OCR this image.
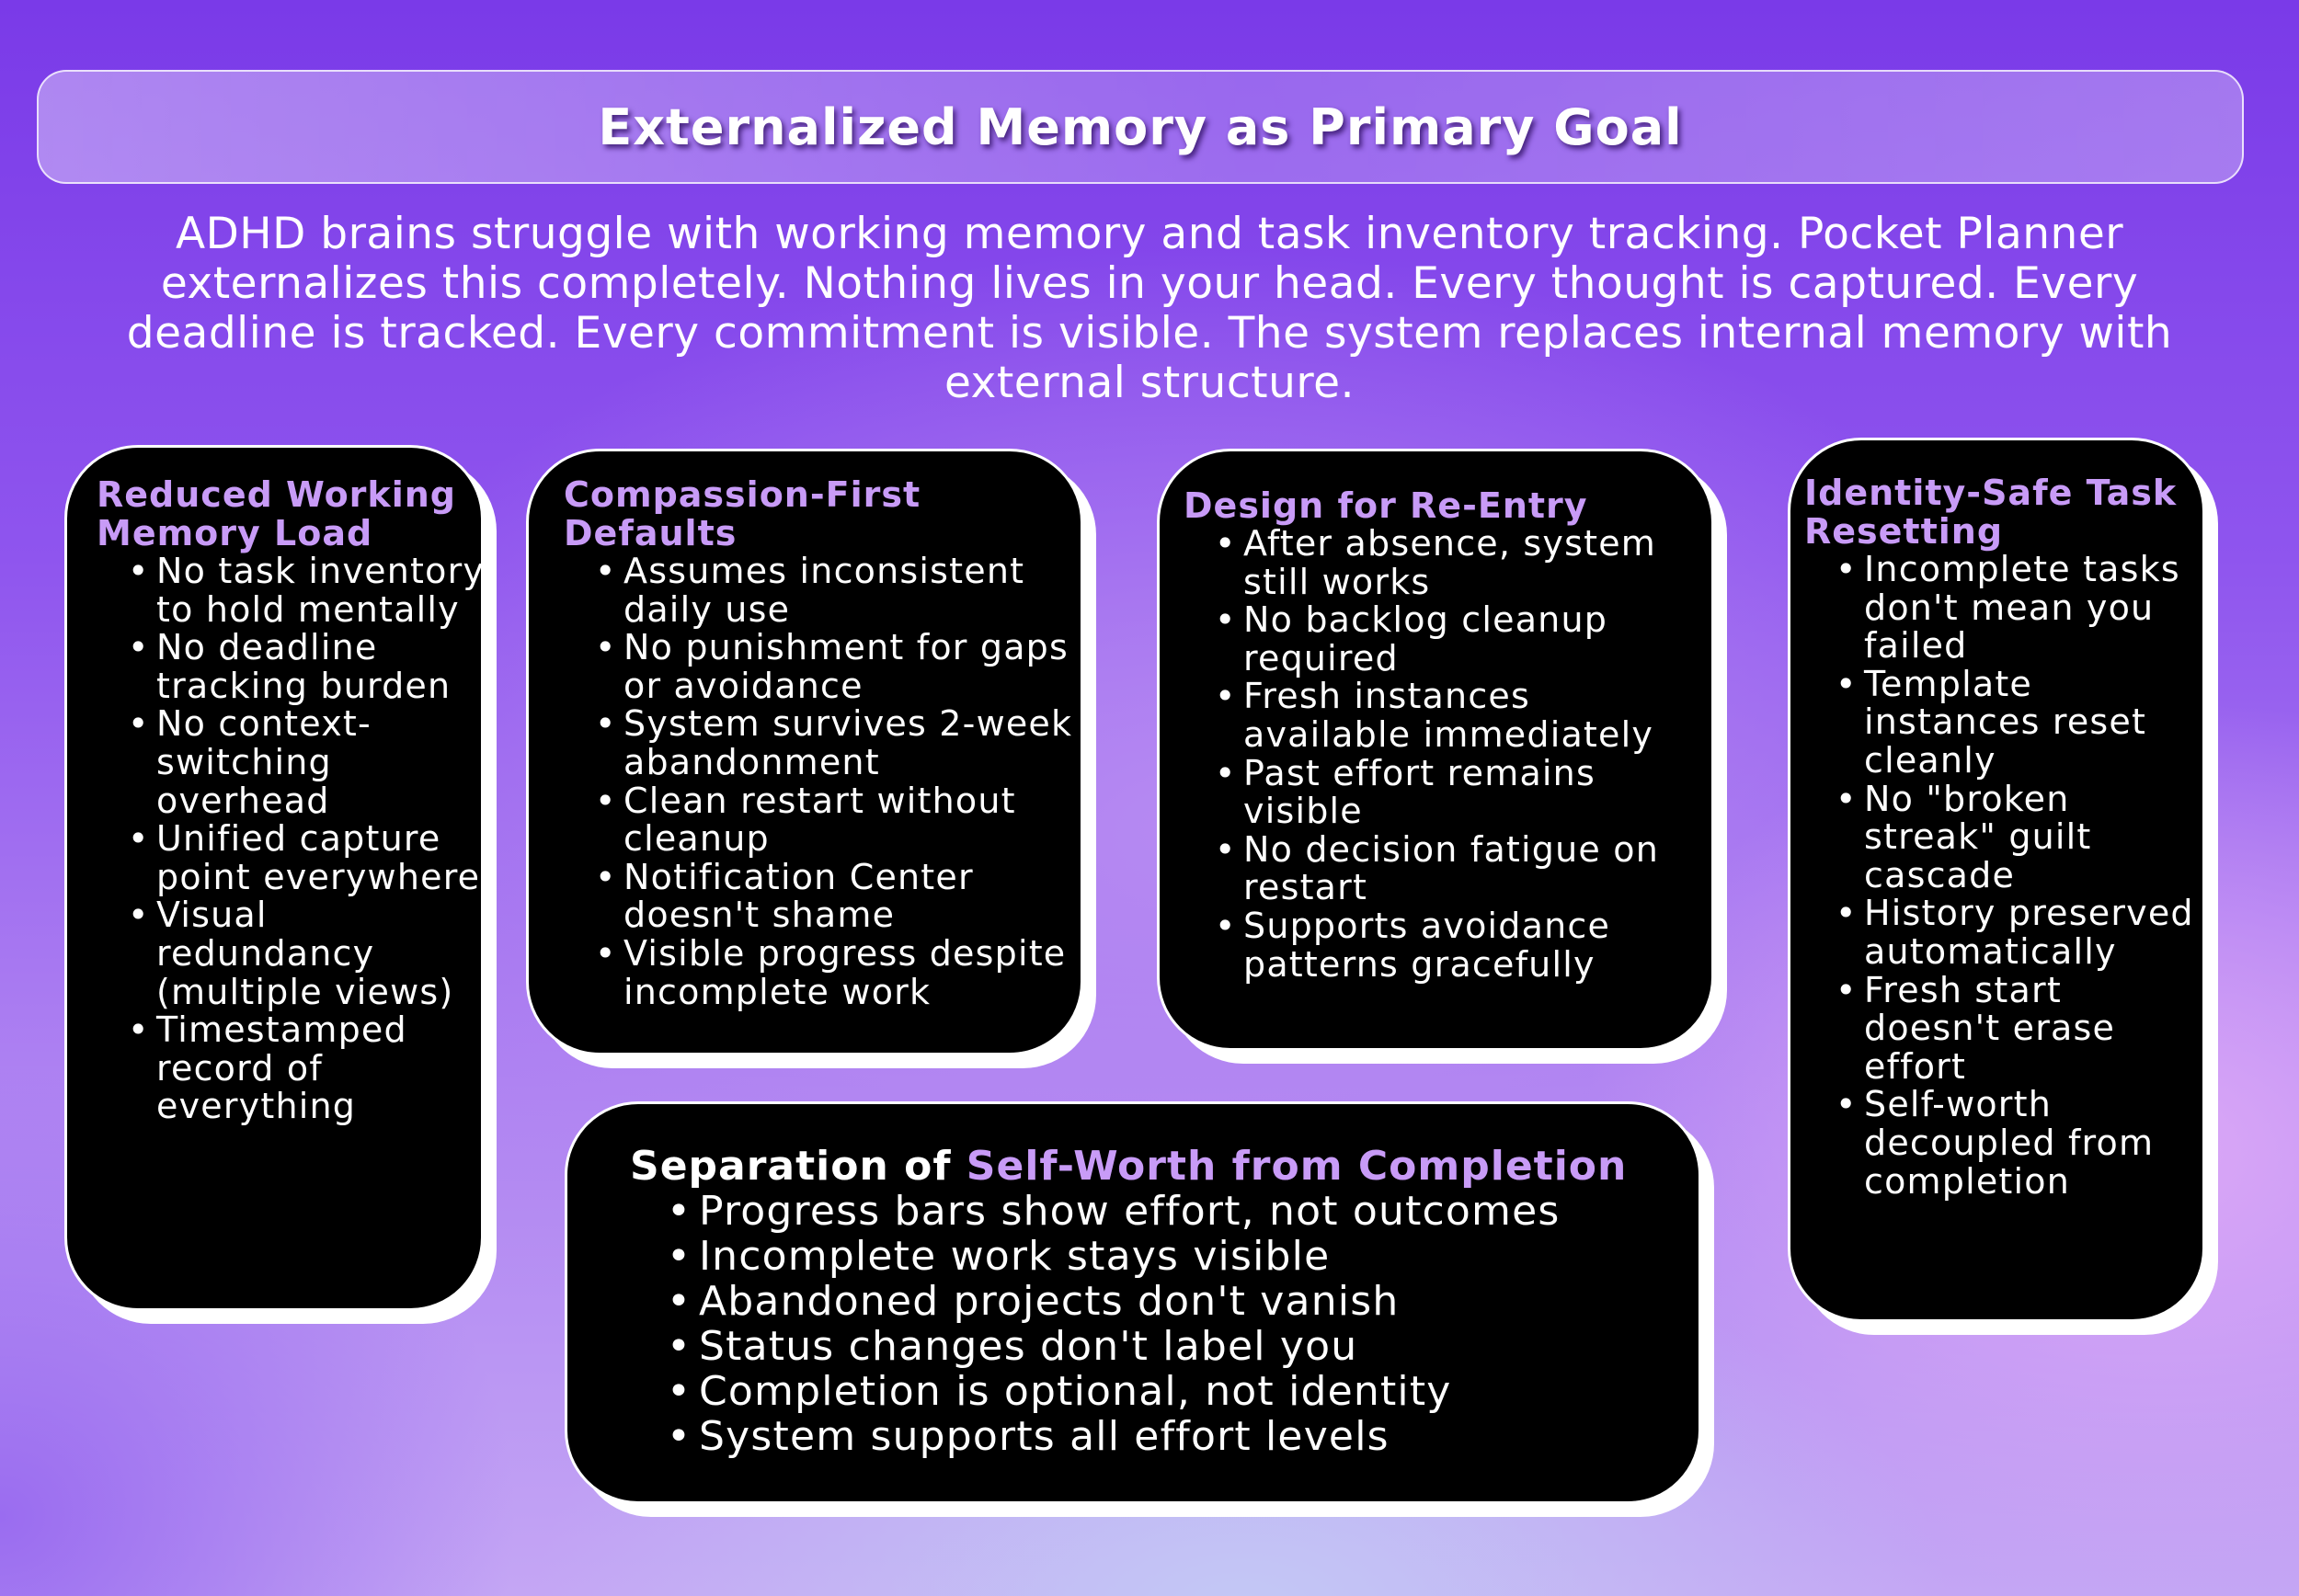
Externalized Memory as Primary Goal

ADHD brains struggle with working memory and task inventory tracking. Pocket Planner externalizes this completely. Nothing lives in your head. Every thought is captured. Every deadline is tracked. Every commitment is visible. The system replaces internal memory with external structure.

Reduced Working Memory Load
• No task inventory to hold mentally
• No deadline tracking burden
• No context-switching overhead
• Unified capture point everywhere
• Visual redundancy (multiple views)
• Timestamped record of everything
Compassion-First Defaults
• Assumes inconsistent daily use
• No punishment for gaps or avoidance
• System survives 2-week abandonment
• Clean restart without cleanup
• Notification Center doesn't shame
• Visible progress despite incomplete work
Design for Re-Entry
• After absence, system still works
• No backlog cleanup required
• Fresh instances available immediately
• Past effort remains visible
• No decision fatigue on restart
• Supports avoidance patterns gracefully
Identity-Safe Task Resetting
• Incomplete tasks don't mean you failed
• Template instances reset cleanly
• No "broken streak" guilt cascade
• History preserved automatically
• Fresh start doesn't erase effort
• Self-worth decoupled from completion
Separation of Self-Worth from Completion
• Progress bars show effort, not outcomes
• Incomplete work stays visible
• Abandoned projects don't vanish
• Status changes don't label you
• Completion is optional, not identity
• System supports all effort levels
